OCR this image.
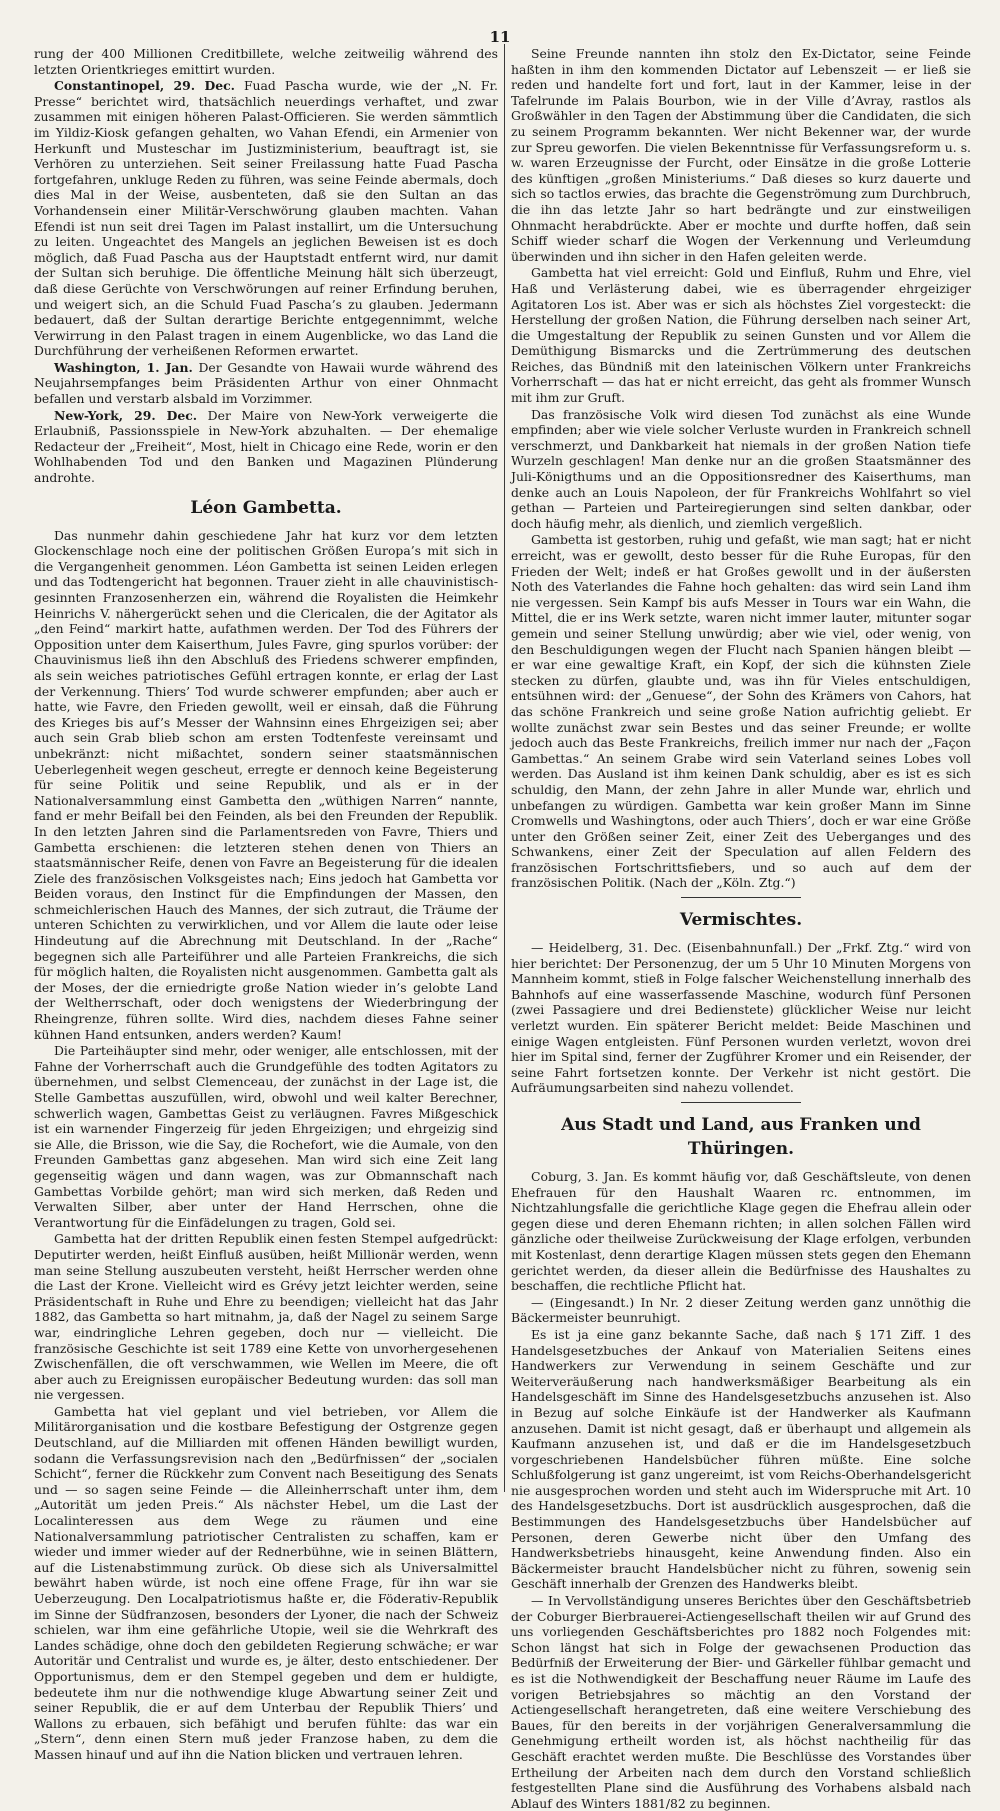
11

rung der 400 Millionen Creditbillete, welche zeitweilig während des letzten Orientkrieges emittirt wurden.

Constantinopel, 29. Dec. Fuad Pascha wurde, wie der „N. Fr. Presse“ berichtet wird, thatsächlich neuerdings verhaftet, und zwar zusammen mit einigen höheren Palast-Officieren. Sie werden sämmtlich im Yildiz-Kiosk gefangen gehalten, wo Vahan Efendi, ein Armenier von Herkunft und Musteschar im Justizministerium, beauftragt ist, sie Verhören zu unterziehen. Seit seiner Freilassung hatte Fuad Pascha fortgefahren, unkluge Reden zu führen, was seine Feinde abermals, doch dies Mal in der Weise, ausbenteten, daß sie den Sultan an das Vorhandensein einer Militär-Verschwörung glauben machten. Vahan Efendi ist nun seit drei Tagen im Palast installirt, um die Untersuchung zu leiten. Ungeachtet des Mangels an jeglichen Beweisen ist es doch möglich, daß Fuad Pascha aus der Hauptstadt entfernt wird, nur damit der Sultan sich beruhige. Die öffentliche Meinung hält sich überzeugt, daß diese Gerüchte von Verschwörungen auf reiner Erfindung beruhen, und weigert sich, an die Schuld Fuad Pascha’s zu glauben. Jedermann bedauert, daß der Sultan derartige Berichte entgegennimmt, welche Verwirrung in den Palast tragen in einem Augenblicke, wo das Land die Durchführung der verheißenen Reformen erwartet.

Washington, 1. Jan. Der Gesandte von Hawaii wurde während des Neujahrsempfanges beim Präsidenten Arthur von einer Ohnmacht befallen und verstarb alsbald im Vorzimmer.

New-York, 29. Dec. Der Maire von New-York verweigerte die Erlaubniß, Passionsspiele in New-York abzuhalten. — Der ehemalige Redacteur der „Freiheit“, Most, hielt in Chicago eine Rede, worin er den Wohlhabenden Tod und den Banken und Magazinen Plünderung androhte.

Léon Gambetta.

Das nunmehr dahin geschiedene Jahr hat kurz vor dem letzten Glockenschlage noch eine der politischen Größen Europa’s mit sich in die Vergangenheit genommen. Léon Gambetta ist seinen Leiden erlegen und das Todtengericht hat begonnen. Trauer zieht in alle chauvinistisch-gesinnten Franzosenherzen ein, während die Royalisten die Heimkehr Heinrichs V. nähergerückt sehen und die Clericalen, die der Agitator als „den Feind“ markirt hatte, aufathmen werden. Der Tod des Führers der Opposition unter dem Kaiserthum, Jules Favre, ging spurlos vorüber: der Chauvinismus ließ ihn den Abschluß des Friedens schwerer empfinden, als sein weiches patriotisches Gefühl ertragen konnte, er erlag der Last der Verkennung. Thiers’ Tod wurde schwerer empfunden; aber auch er hatte, wie Favre, den Frieden gewollt, weil er einsah, daß die Führung des Krieges bis auf’s Messer der Wahnsinn eines Ehrgeizigen sei; aber auch sein Grab blieb schon am ersten Todtenfeste vereinsamt und unbekränzt: nicht mißachtet, sondern seiner staatsmännischen Ueberlegenheit wegen gescheut, erregte er dennoch keine Begeisterung für seine Politik und seine Republik, und als er in der Nationalversammlung einst Gambetta den „wüthigen Narren“ nannte, fand er mehr Beifall bei den Feinden, als bei den Freunden der Republik. In den letzten Jahren sind die Parlamentsreden von Favre, Thiers und Gambetta erschienen: die letzteren stehen denen von Thiers an staatsmännischer Reife, denen von Favre an Begeisterung für die idealen Ziele des französischen Volksgeistes nach; Eins jedoch hat Gambetta vor Beiden voraus, den Instinct für die Empfindungen der Massen, den schmeichlerischen Hauch des Mannes, der sich zutraut, die Träume der unteren Schichten zu verwirklichen, und vor Allem die laute oder leise Hindeutung auf die Abrechnung mit Deutschland. In der „Rache“ begegnen sich alle Parteiführer und alle Parteien Frankreichs, die sich für möglich halten, die Royalisten nicht ausgenommen. Gambetta galt als der Moses, der die erniedrigte große Nation wieder in’s gelobte Land der Weltherrschaft, oder doch wenigstens der Wiederbringung der Rheingrenze, führen sollte. Wird dies, nachdem dieses Fahne seiner kühnen Hand entsunken, anders werden? Kaum!

Die Parteihäupter sind mehr, oder weniger, alle entschlossen, mit der Fahne der Vorherrschaft auch die Grundgefühle des todten Agitators zu übernehmen, und selbst Clemenceau, der zunächst in der Lage ist, die Stelle Gambettas auszufüllen, wird, obwohl und weil kalter Berechner, schwerlich wagen, Gambettas Geist zu verläugnen. Favres Mißgeschick ist ein warnender Fingerzeig für jeden Ehrgeizigen; und ehrgeizig sind sie Alle, die Brisson, wie die Say, die Rochefort, wie die Aumale, von den Freunden Gambettas ganz abgesehen. Man wird sich eine Zeit lang gegenseitig wägen und dann wagen, was zur Obmannschaft nach Gambettas Vorbilde gehört; man wird sich merken, daß Reden und Verwalten Silber, aber unter der Hand Herrschen, ohne die Verantwortung für die Einfädelungen zu tragen, Gold sei.

Gambetta hat der dritten Republik einen festen Stempel aufgedrückt: Deputirter werden, heißt Einfluß ausüben, heißt Millionär werden, wenn man seine Stellung auszubeuten versteht, heißt Herrscher werden ohne die Last der Krone. Vielleicht wird es Grévy jetzt leichter werden, seine Präsidentschaft in Ruhe und Ehre zu beendigen; vielleicht hat das Jahr 1882, das Gambetta so hart mitnahm, ja, daß der Nagel zu seinem Sarge war, eindringliche Lehren gegeben, doch nur — vielleicht. Die französische Geschichte ist seit 1789 eine Kette von unvorhergesehenen Zwischenfällen, die oft verschwammen, wie Wellen im Meere, die oft aber auch zu Ereignissen europäischer Bedeutung wurden: das soll man nie vergessen.

Gambetta hat viel geplant und viel betrieben, vor Allem die Militärorganisation und die kostbare Befestigung der Ostgrenze gegen Deutschland, auf die Milliarden mit offenen Händen bewilligt wurden, sodann die Verfassungsrevision nach den „Bedürfnissen“ der „socialen Schicht“, ferner die Rückkehr zum Convent nach Beseitigung des Senats und — so sagen seine Feinde — die Alleinherrschaft unter ihm, dem „Autorität um jeden Preis.“ Als nächster Hebel, um die Last der Localinteressen aus dem Wege zu räumen und eine Nationalversammlung patriotischer Centralisten zu schaffen, kam er wieder und immer wieder auf der Rednerbühne, wie in seinen Blättern, auf die Listenabstimmung zurück. Ob diese sich als Universalmittel bewährt haben würde, ist noch eine offene Frage, für ihn war sie Ueberzeugung. Den Localpatriotismus haßte er, die Föderativ-Republik im Sinne der Südfranzosen, besonders der Lyoner, die nach der Schweiz schielen, war ihm eine gefährliche Utopie, weil sie die Wehrkraft des Landes schädige, ohne doch den gebildeten Regierung schwäche; er war Autoritär und Centralist und wurde es, je älter, desto entschiedener. Der Opportunismus, dem er den Stempel gegeben und dem er huldigte, bedeutete ihm nur die nothwendige kluge Abwartung seiner Zeit und seiner Republik, die er auf dem Unterbau der Republik Thiers’ und Wallons zu erbauen, sich befähigt und berufen fühlte: das war ein „Stern“, denn einen Stern muß jeder Franzose haben, zu dem die Massen hinauf und auf ihn die Nation blicken und vertrauen lehren.

Seine Freunde nannten ihn stolz den Ex-Dictator, seine Feinde haßten in ihm den kommenden Dictator auf Lebenszeit — er ließ sie reden und handelte fort und fort, laut in der Kammer, leise in der Tafelrunde im Palais Bourbon, wie in der Ville d’Avray, rastlos als Großwähler in den Tagen der Abstimmung über die Candidaten, die sich zu seinem Programm bekannten. Wer nicht Bekenner war, der wurde zur Spreu geworfen. Die vielen Bekenntnisse für Verfassungsreform u. s. w. waren Erzeugnisse der Furcht, oder Einsätze in die große Lotterie des künftigen „großen Ministeriums.“ Daß dieses so kurz dauerte und sich so tactlos erwies, das brachte die Gegenströmung zum Durchbruch, die ihn das letzte Jahr so hart bedrängte und zur einstweiligen Ohnmacht herabdrückte. Aber er mochte und durfte hoffen, daß sein Schiff wieder scharf die Wogen der Verkennung und Verleumdung überwinden und ihn sicher in den Hafen geleiten werde.

Gambetta hat viel erreicht: Gold und Einfluß, Ruhm und Ehre, viel Haß und Verlästerung dabei, wie es überragender ehrgeiziger Agitatoren Los ist. Aber was er sich als höchstes Ziel vorgesteckt: die Herstellung der großen Nation, die Führung derselben nach seiner Art, die Umgestaltung der Republik zu seinen Gunsten und vor Allem die Demüthigung Bismarcks und die Zertrümmerung des deutschen Reiches, das Bündniß mit den lateinischen Völkern unter Frankreichs Vorherrschaft — das hat er nicht erreicht, das geht als frommer Wunsch mit ihm zur Gruft.

Das französische Volk wird diesen Tod zunächst als eine Wunde empfinden; aber wie viele solcher Verluste wurden in Frankreich schnell verschmerzt, und Dankbarkeit hat niemals in der großen Nation tiefe Wurzeln geschlagen! Man denke nur an die großen Staatsmänner des Juli-Königthums und an die Oppositionsredner des Kaiserthums, man denke auch an Louis Napoleon, der für Frankreichs Wohlfahrt so viel gethan — Parteien und Parteiregierungen sind selten dankbar, oder doch häufig mehr, als dienlich, und ziemlich vergeßlich.

Gambetta ist gestorben, ruhig und gefaßt, wie man sagt; hat er nicht erreicht, was er gewollt, desto besser für die Ruhe Europas, für den Frieden der Welt; indeß er hat Großes gewollt und in der äußersten Noth des Vaterlandes die Fahne hoch gehalten: das wird sein Land ihm nie vergessen. Sein Kampf bis aufs Messer in Tours war ein Wahn, die Mittel, die er ins Werk setzte, waren nicht immer lauter, mitunter sogar gemein und seiner Stellung unwürdig; aber wie viel, oder wenig, von den Beschuldigungen wegen der Flucht nach Spanien hängen bleibt — er war eine gewaltige Kraft, ein Kopf, der sich die kühnsten Ziele stecken zu dürfen, glaubte und, was ihn für Vieles entschuldigen, entsühnen wird: der „Genuese“, der Sohn des Krämers von Cahors, hat das schöne Frankreich und seine große Nation aufrichtig geliebt. Er wollte zunächst zwar sein Bestes und das seiner Freunde; er wollte jedoch auch das Beste Frankreichs, freilich immer nur nach der „Façon Gambettas.“ An seinem Grabe wird sein Vaterland seines Lobes voll werden. Das Ausland ist ihm keinen Dank schuldig, aber es ist es sich schuldig, den Mann, der zehn Jahre in aller Munde war, ehrlich und unbefangen zu würdigen. Gambetta war kein großer Mann im Sinne Cromwells und Washingtons, oder auch Thiers’, doch er war eine Größe unter den Größen seiner Zeit, einer Zeit des Ueberganges und des Schwankens, einer Zeit der Speculation auf allen Feldern des französischen Fortschrittsfiebers, und so auch auf dem der französischen Politik. (Nach der „Köln. Ztg.“)

Vermischtes.

— Heidelberg, 31. Dec. (Eisenbahnunfall.) Der „Frkf. Ztg.“ wird von hier berichtet: Der Personenzug, der um 5 Uhr 10 Minuten Morgens von Mannheim kommt, stieß in Folge falscher Weichenstellung innerhalb des Bahnhofs auf eine wasserfassende Maschine, wodurch fünf Personen (zwei Passagiere und drei Bedienstete) glücklicher Weise nur leicht verletzt wurden. Ein späterer Bericht meldet: Beide Maschinen und einige Wagen entgleisten. Fünf Personen wurden verletzt, wovon drei hier im Spital sind, ferner der Zugführer Kromer und ein Reisender, der seine Fahrt fortsetzen konnte. Der Verkehr ist nicht gestört. Die Aufräumungsarbeiten sind nahezu vollendet.

Aus Stadt und Land, aus Franken und Thüringen.

Coburg, 3. Jan. Es kommt häufig vor, daß Geschäftsleute, von denen Ehefrauen für den Haushalt Waaren rc. entnommen, im Nichtzahlungsfalle die gerichtliche Klage gegen die Ehefrau allein oder gegen diese und deren Ehemann richten; in allen solchen Fällen wird gänzliche oder theilweise Zurückweisung der Klage erfolgen, verbunden mit Kostenlast, denn derartige Klagen müssen stets gegen den Ehemann gerichtet werden, da dieser allein die Bedürfnisse des Haushaltes zu beschaffen, die rechtliche Pflicht hat.

— (Eingesandt.) In Nr. 2 dieser Zeitung werden ganz unnöthig die Bäckermeister beunruhigt.

Es ist ja eine ganz bekannte Sache, daß nach § 171 Ziff. 1 des Handelsgesetzbuches der Ankauf von Materialien Seitens eines Handwerkers zur Verwendung in seinem Geschäfte und zur Weiterveräußerung nach handwerksmäßiger Bearbeitung als ein Handelsgeschäft im Sinne des Handelsgesetzbuchs anzusehen ist. Also in Bezug auf solche Einkäufe ist der Handwerker als Kaufmann anzusehen. Damit ist nicht gesagt, daß er überhaupt und allgemein als Kaufmann anzusehen ist, und daß er die im Handelsgesetzbuch vorgeschriebenen Handelsbücher führen müßte. Eine solche Schlußfolgerung ist ganz ungereimt, ist vom Reichs-Oberhandelsgericht nie ausgesprochen worden und steht auch im Widerspruche mit Art. 10 des Handelsgesetzbuchs. Dort ist ausdrücklich ausgesprochen, daß die Bestimmungen des Handelsgesetzbuchs über Handelsbücher auf Personen, deren Gewerbe nicht über den Umfang des Handwerksbetriebs hinausgeht, keine Anwendung finden. Also ein Bäckermeister braucht Handelsbücher nicht zu führen, sowenig sein Geschäft innerhalb der Grenzen des Handwerks bleibt.

— In Vervollständigung unseres Berichtes über den Geschäftsbetrieb der Coburger Bierbrauerei-Actiengesellschaft theilen wir auf Grund des uns vorliegenden Geschäftsberichtes pro 1882 noch Folgendes mit: Schon längst hat sich in Folge der gewachsenen Production das Bedürfniß der Erweiterung der Bier- und Gärkeller fühlbar gemacht und es ist die Nothwendigkeit der Beschaffung neuer Räume im Laufe des vorigen Betriebsjahres so mächtig an den Vorstand der Actiengesellschaft herangetreten, daß eine weitere Verschiebung des Baues, für den bereits in der vorjährigen Generalversammlung die Genehmigung ertheilt worden ist, als höchst nachtheilig für das Geschäft erachtet werden mußte. Die Beschlüsse des Vorstandes über Ertheilung der Arbeiten nach dem durch den Vorstand schließlich festgestellten Plane sind die Ausführung des Vorhabens alsbald nach Ablauf des Winters 1881/82 zu beginnen.
